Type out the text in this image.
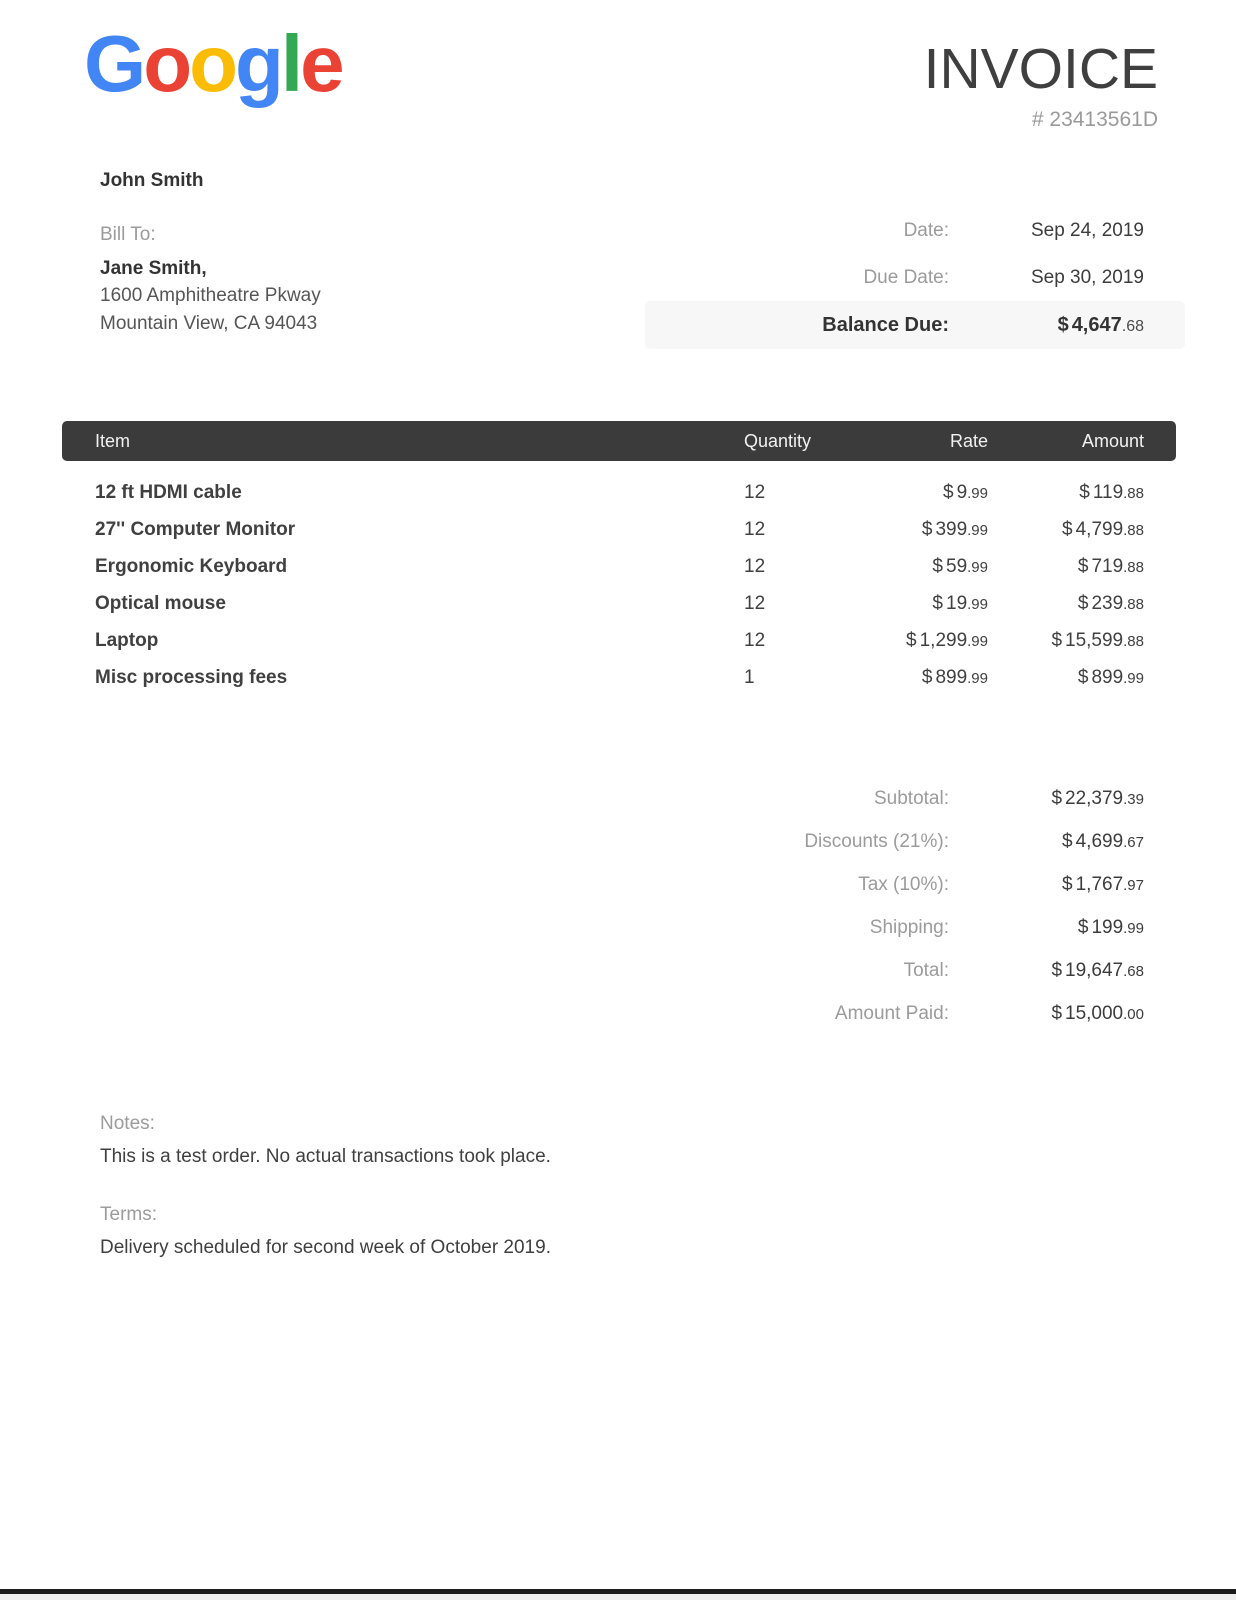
Google	INVOICE
# 23413561D
John Smith
Bill To:
Jane Smith,
1600 Amphitheatre Pkway
Mountain View, CA 94043
Date:	Sep 24, 2019
Due Date:	Sep 30, 2019
Balance Due:	$ 4,647.68
Item	Quantity	Rate	Amount
12 ft HDMI cable	12	$ 9.99	$ 119.88
27'' Computer Monitor	12	$ 399.99	$ 4,799.88
Ergonomic Keyboard	12	$ 59.99	$ 719.88
Optical mouse	12	$ 19.99	$ 239.88
Laptop	12	$ 1,299.99	$ 15,599.88
Misc processing fees	1	$ 899.99	$ 899.99
Subtotal:	$ 22,379.39
Discounts (21%):	$ 4,699.67
Tax (10%):	$ 1,767.97
Shipping:	$ 199.99
Total:	$ 19,647.68
Amount Paid:	$ 15,000.00
Notes:
This is a test order. No actual transactions took place.
Terms:
Delivery scheduled for second week of October 2019.
